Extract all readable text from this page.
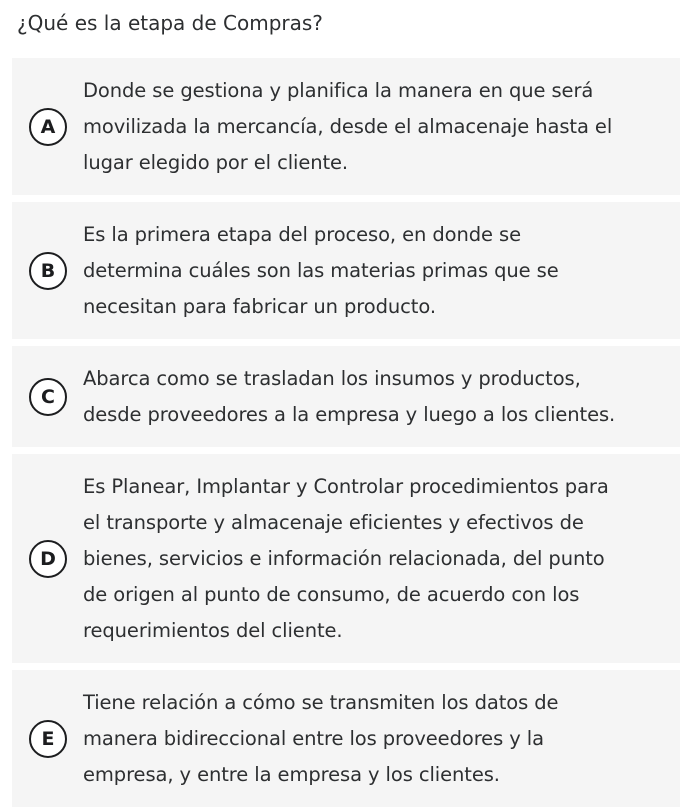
¿Qué es la etapa de Compras?
A
Donde se gestiona y planifica la manera en que será
movilizada la mercancía, desde el almacenaje hasta el
lugar elegido por el cliente.
B
Es la primera etapa del proceso, en donde se
determina cuáles son las materias primas que se
necesitan para fabricar un producto.
C
Abarca como se trasladan los insumos y productos,
desde proveedores a la empresa y luego a los clientes.
D
Es Planear, Implantar y Controlar procedimientos para
el transporte y almacenaje eficientes y efectivos de
bienes, servicios e información relacionada, del punto
de origen al punto de consumo, de acuerdo con los
requerimientos del cliente.
E
Tiene relación a cómo se transmiten los datos de
manera bidireccional entre los proveedores y la
empresa, y entre la empresa y los clientes.
